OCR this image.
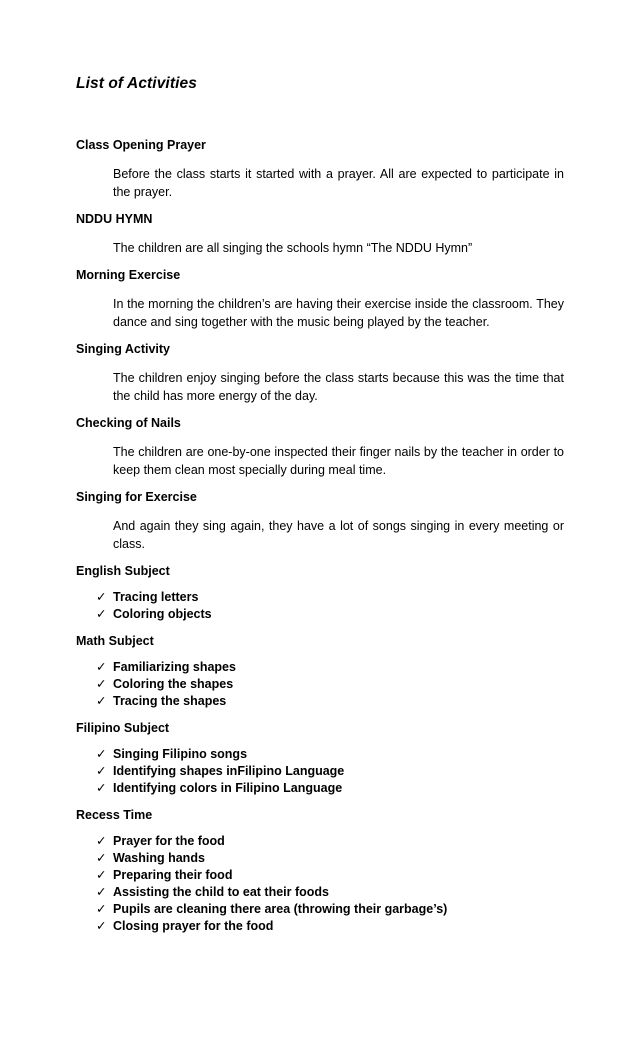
List of Activities

Class Opening Prayer

Before the class starts it started with a prayer. All are expected to participate in the prayer.

NDDU HYMN

The children are all singing the schools hymn “The NDDU Hymn”

Morning Exercise

In the morning the children’s are having their exercise inside the classroom. They dance and sing together with the music being played by the teacher.

Singing Activity

The children enjoy singing before the class starts because this was the time that the child has more energy of the day.

Checking of Nails

The children are one-by-one inspected their finger nails by the teacher in order to keep them clean most specially during meal time.

Singing for Exercise

And again they sing again, they have a lot of songs singing in every meeting or class.

English Subject

✓ Tracing letters
✓ Coloring objects

Math Subject

✓ Familiarizing shapes
✓ Coloring the shapes
✓ Tracing the shapes

Filipino Subject

✓ Singing Filipino songs
✓ Identifying shapes inFilipino Language
✓ Identifying colors in Filipino Language

Recess Time

✓ Prayer for the food
✓ Washing hands
✓ Preparing their food
✓ Assisting the child to eat their foods
✓ Pupils are cleaning there area (throwing their garbage’s)
✓ Closing prayer for the food
